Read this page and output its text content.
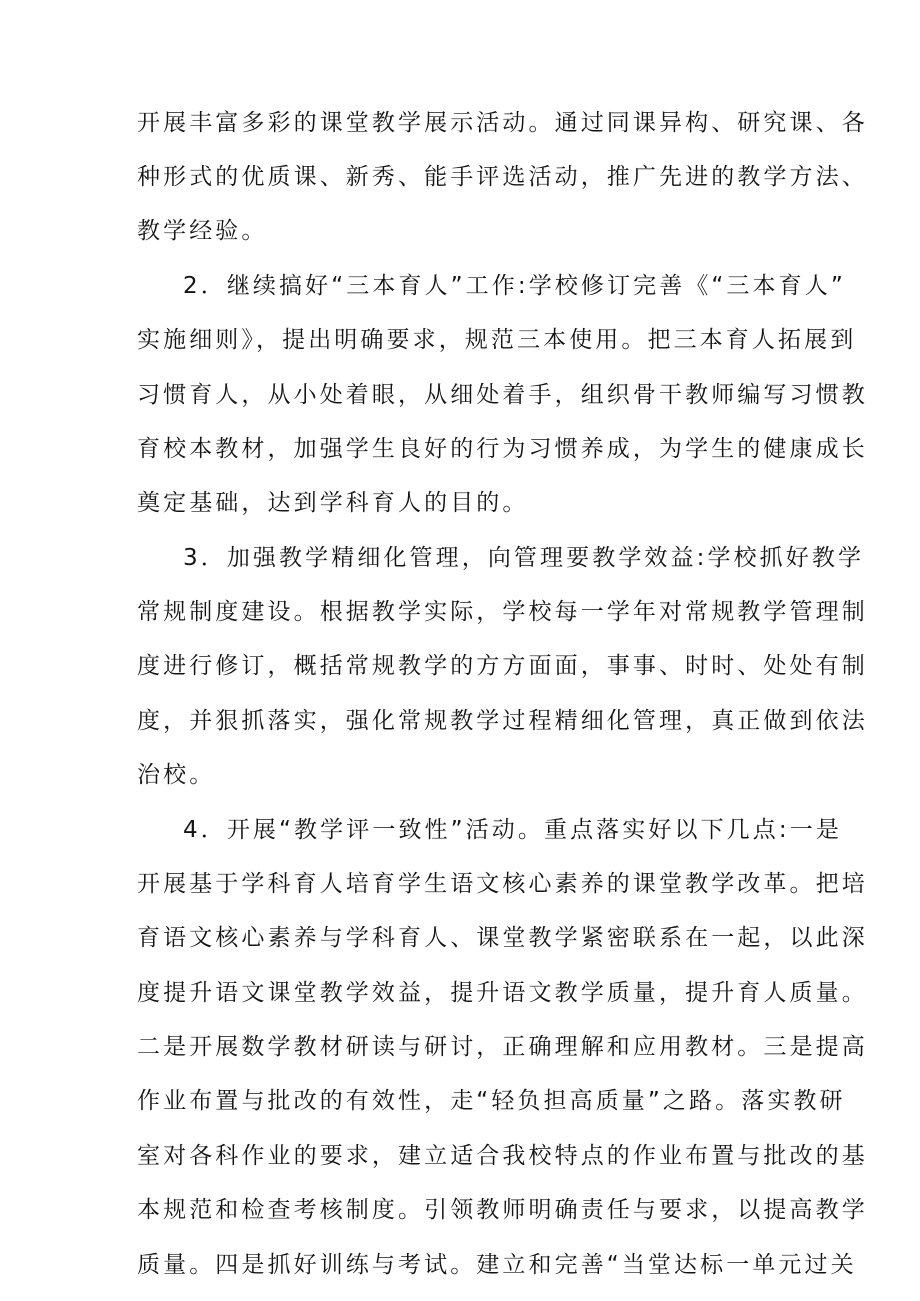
开展丰富多彩的课堂教学展示活动。通过同课异构、研究课、各
种形式的优质课、新秀、能手评选活动，推广先进的教学方法、
教学经验。
2．继续搞好“三本育人”工作:学校修订完善《“三本育人”
实施细则》，提出明确要求，规范三本使用。把三本育人拓展到
习惯育人，从小处着眼，从细处着手，组织骨干教师编写习惯教
育校本教材，加强学生良好的行为习惯养成，为学生的健康成长
奠定基础，达到学科育人的目的。
3．加强教学精细化管理，向管理要教学效益:学校抓好教学
常规制度建设。根据教学实际，学校每一学年对常规教学管理制
度进行修订，概括常规教学的方方面面，事事、时时、处处有制
度，并狠抓落实，强化常规教学过程精细化管理，真正做到依法
治校。
4．开展“教学评一致性”活动。重点落实好以下几点:一是
开展基于学科育人培育学生语文核心素养的课堂教学改革。把培
育语文核心素养与学科育人、课堂教学紧密联系在一起，以此深
度提升语文课堂教学效益，提升语文教学质量，提升育人质量。
二是开展数学教材研读与研讨，正确理解和应用教材。三是提高
作业布置与批改的有效性，走“轻负担高质量”之路。落实教研
室对各科作业的要求，建立适合我校特点的作业布置与批改的基
本规范和检查考核制度。引领教师明确责任与要求，以提高教学
质量。四是抓好训练与考试。建立和完善“当堂达标一单元过关
